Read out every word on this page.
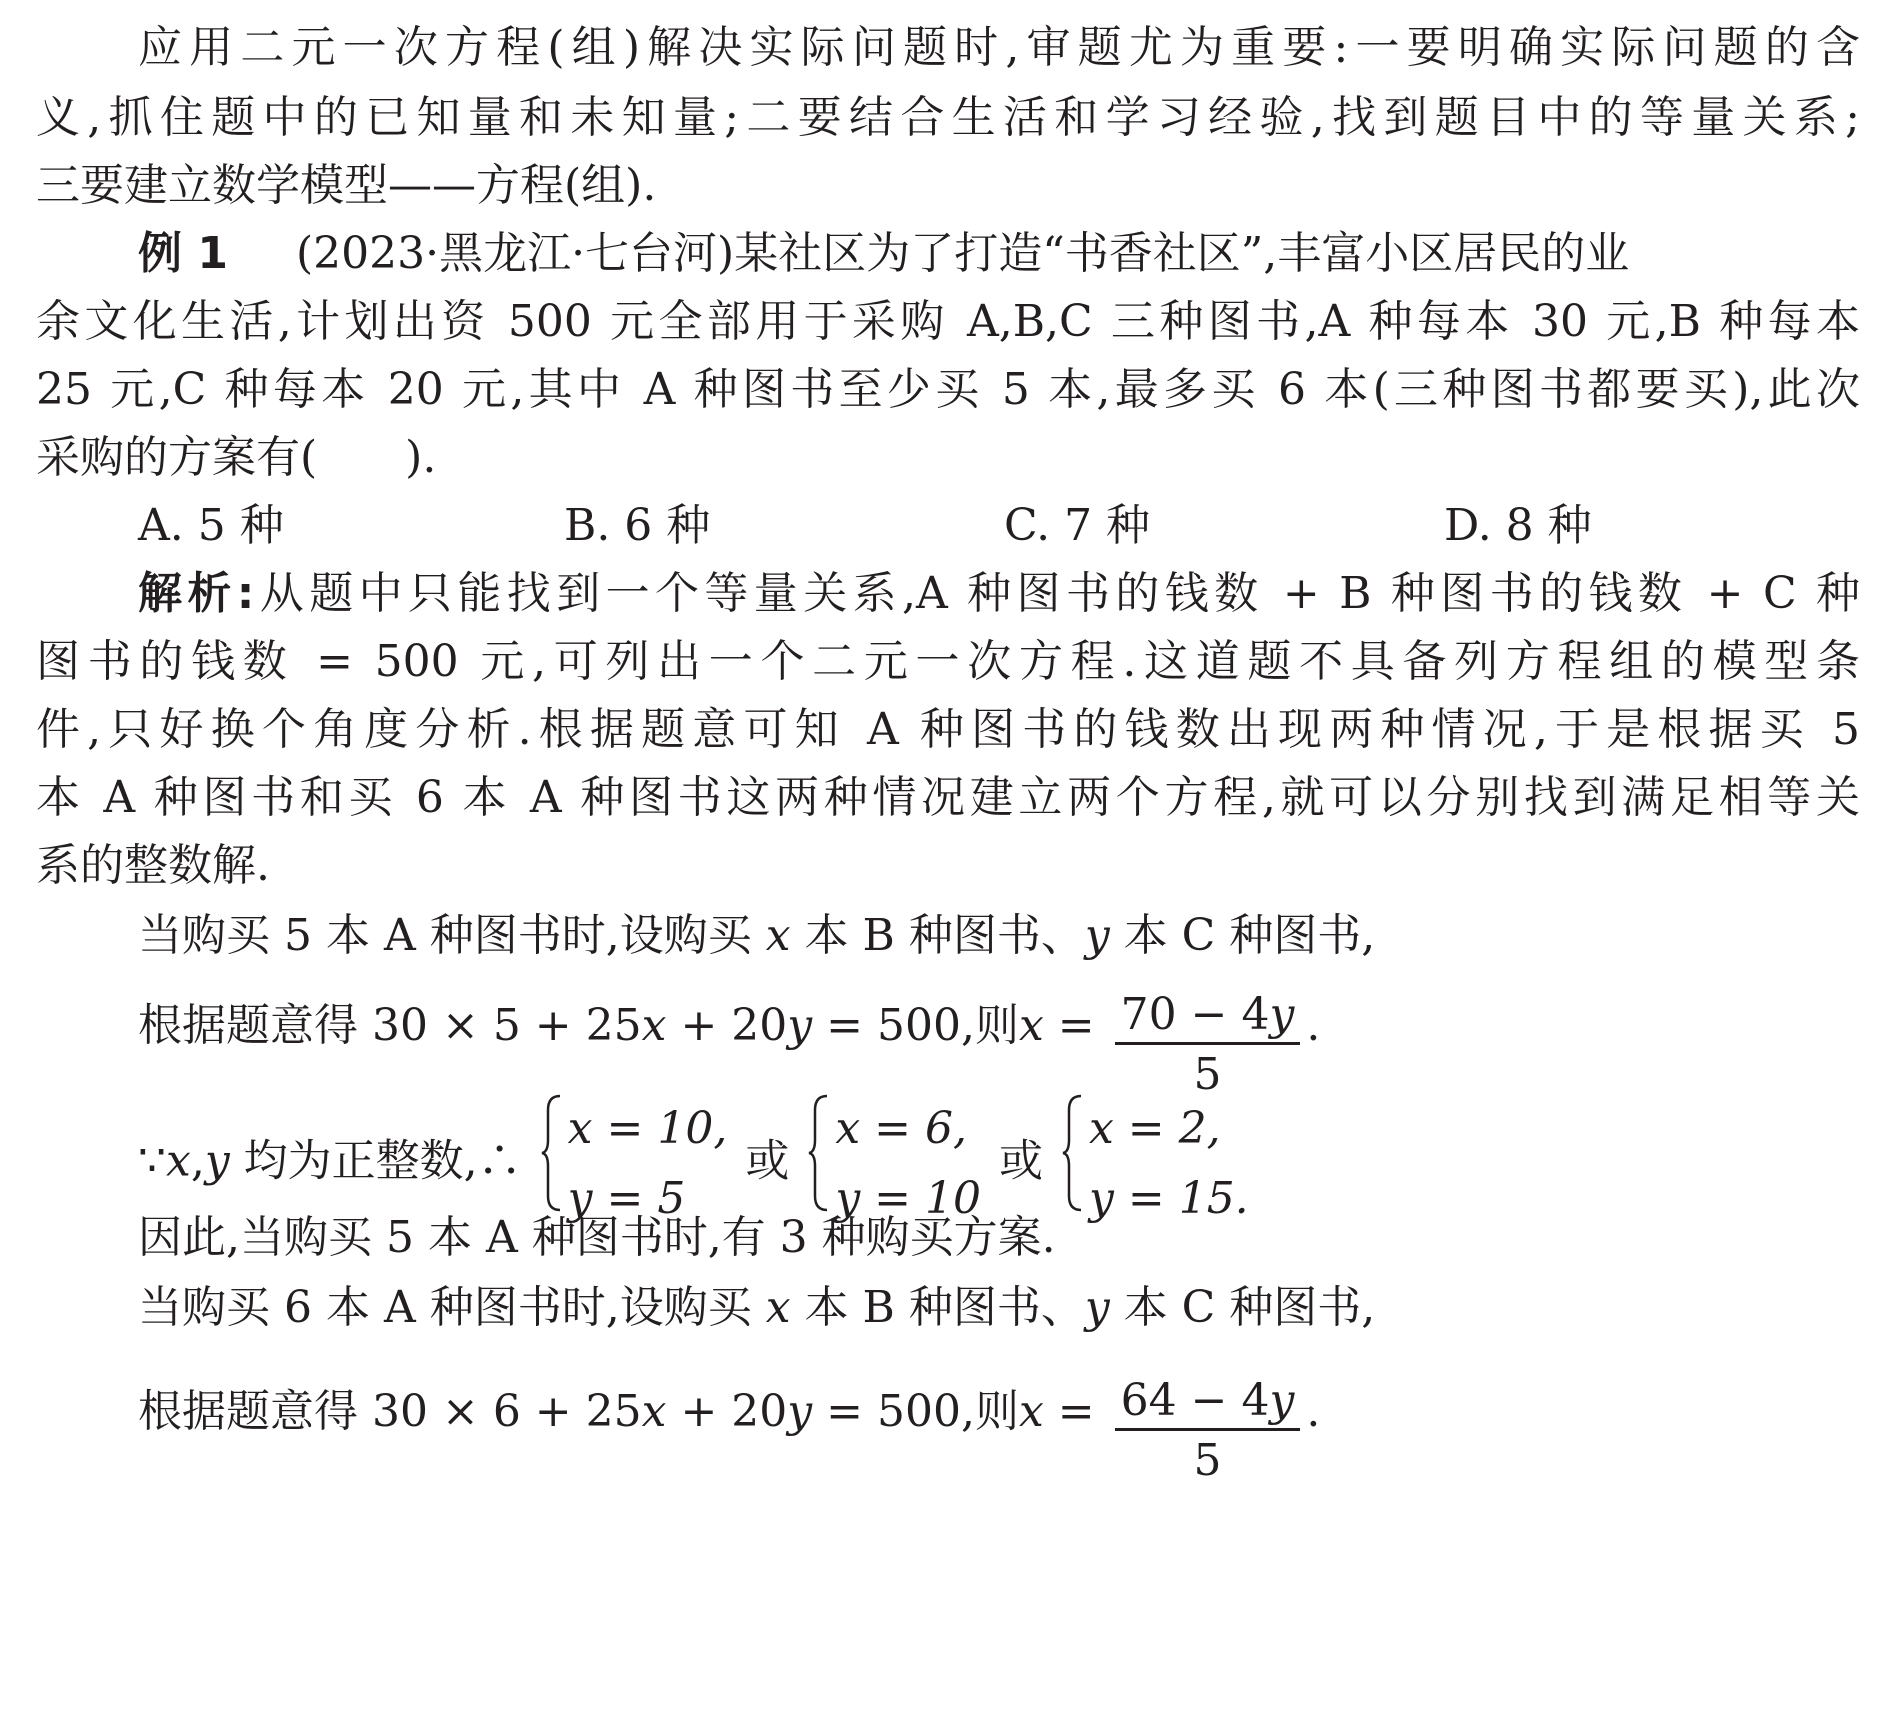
应用二元一次方程(组)解决实际问题时,审题尤为重要:一要明确实际问题的含
义,抓住题中的已知量和未知量;二要结合生活和学习经验,找到题目中的等量关系;
三要建立数学模型——方程(组).
例 1 (2023·黑龙江·七台河)某社区为了打造“书香社区”,丰富小区居民的业
余文化生活,计划出资 500 元全部用于采购 A,B,C 三种图书,A 种每本 30 元,B 种每本
25 元,C 种每本 20 元,其中 A 种图书至少买 5 本,最多买 6 本(三种图书都要买),此次
采购的方案有(　　).
A. 5 种	B. 6 种	C. 7 种	D. 8 种
解析:从题中只能找到一个等量关系,A 种图书的钱数 + B 种图书的钱数 + C 种
图书的钱数 = 500 元,可列出一个二元一次方程.这道题不具备列方程组的模型条
件,只好换个角度分析.根据题意可知 A 种图书的钱数出现两种情况,于是根据买 5
本 A 种图书和买 6 本 A 种图书这两种情况建立两个方程,就可以分别找到满足相等关
系的整数解.
当购买 5 本 A 种图书时,设购买 x 本 B 种图书、y 本 C 种图书,
根据题意得 30 × 5 + 25x + 20y = 500,则$x = \frac{70 - 4y}{5}$ .
∵x,y 均为正整数,∴
x = 10,
y = 5
或
x = 6,
y = 10
或
x = 2,
y = 15.
因此,当购买 5 本 A 种图书时,有 3 种购买方案.
当购买 6 本 A 种图书时,设购买 x 本 B 种图书、y 本 C 种图书,
根据题意得 30 × 6 + 25x + 20y = 500,则$x = \frac{64 - 4y}{5}$ .
